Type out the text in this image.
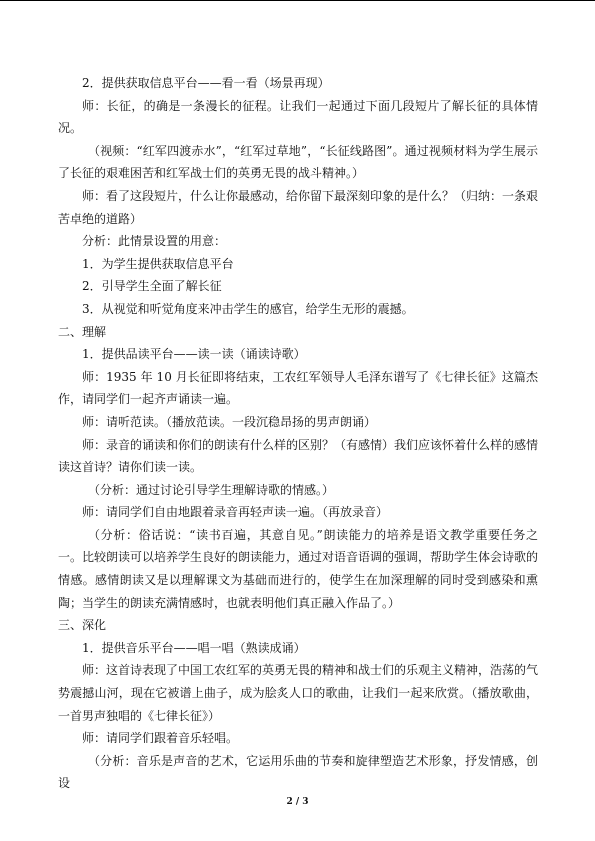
2．提供获取信息平台——看一看（场景再现）

师：长征，的确是一条漫长的征程。让我们一起通过下面几段短片了解长征的具体情况。

（视频：“红军四渡赤水”，“红军过草地”，“长征线路图”。通过视频材料为学生展示了长征的艰难困苦和红军战士们的英勇无畏的战斗精神。）

师：看了这段短片，什么让你最感动，给你留下最深刻印象的是什么？（归纳：一条艰苦卓绝的道路）

分析：此情景设置的用意：

1．为学生提供获取信息平台

2．引导学生全面了解长征

3．从视觉和听觉角度来冲击学生的感官，给学生无形的震撼。

二、理解

1．提供品读平台——读一读（诵读诗歌）

师：1935 年 10 月长征即将结束，工农红军领导人毛泽东谱写了《七律长征》这篇杰作，请同学们一起齐声诵读一遍。

师：请听范读。（播放范读。一段沉稳昂扬的男声朗诵）

师：录音的诵读和你们的朗读有什么样的区别？（有感情）我们应该怀着什么样的感情读这首诗？请你们读一读。

（分析：通过讨论引导学生理解诗歌的情感。）

师：请同学们自由地跟着录音再轻声读一遍。（再放录音）

（分析：俗话说：“读书百遍，其意自见。”朗读能力的培养是语文教学重要任务之一。比较朗读可以培养学生良好的朗读能力，通过对语音语调的强调，帮助学生体会诗歌的情感。感情朗读又是以理解课文为基础而进行的，使学生在加深理解的同时受到感染和熏陶；当学生的朗读充满情感时，也就表明他们真正融入作品了。）

三、深化

1．提供音乐平台——唱一唱（熟读成诵）

师：这首诗表现了中国工农红军的英勇无畏的精神和战士们的乐观主义精神，浩荡的气势震撼山河，现在它被谱上曲子，成为脍炙人口的歌曲，让我们一起来欣赏。（播放歌曲，一首男声独唱的《七律长征》）

师：请同学们跟着音乐轻唱。

（分析：音乐是声音的艺术，它运用乐曲的节奏和旋律塑造艺术形象，抒发情感，创设

2 / 3
